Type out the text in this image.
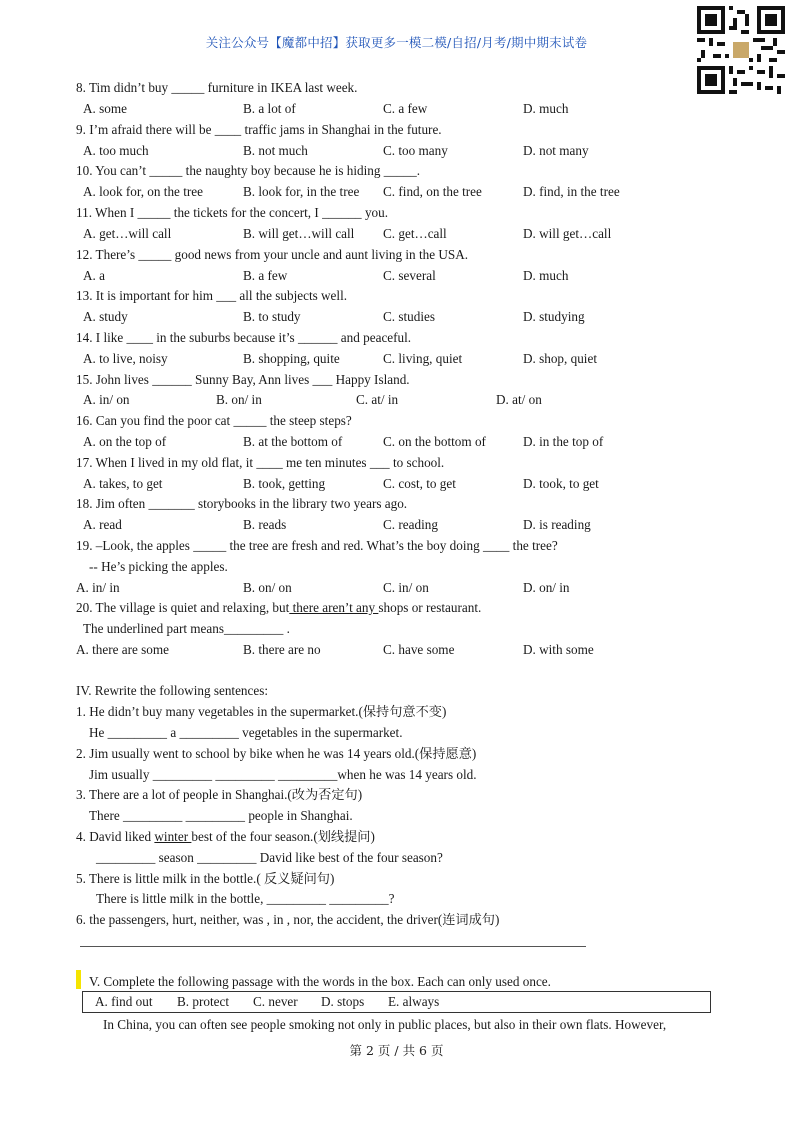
关注公众号【魔都中招】获取更多一模二模/自招/月考/期中期末试卷
8. Tim didn’t buy _____ furniture in IKEA last week.
A. some	B. a lot of	C. a few	D. much
9. I’m afraid there will be ____ traffic jams in Shanghai in the future.
A. too much	B. not much	C. too many	D. not many
10. You can’t _____ the naughty boy because he is hiding _____.
A. look for, on the tree	B. look for, in the tree C. find, on the tree	D. find, in the tree
11. When I _____ the tickets for the concert, I ______ you.
A. get…will call	B. will get…will call C. get…call	D. will get…call
12. There’s _____ good news from your uncle and aunt living in the USA.
A. a	B. a few	C. several	D. much
13. It is important for him ___ all the subjects well.
A. study	B. to study	C. studies	D. studying
14. I like ____ in the suburbs because it’s ______ and peaceful.
A. to live, noisy	B. shopping, quite	C. living, quiet	D. shop, quiet
15. John lives ______ Sunny Bay, Ann lives ___ Happy Island.
A. in/ on	B. on/ in	C. at/ in	D. at/ on
16. Can you find the poor cat _____ the steep steps?
A. on the top of	B. at the bottom of	C. on the bottom of	D. in the top of
17. When I lived in my old flat, it ____ me ten minutes ___ to school.
A. takes, to get	B. took, getting	C. cost, to get	D. took, to get
18. Jim often _______ storybooks in the library two years ago.
A. read	B. reads	C. reading	D. is reading
19. –Look, the apples _____ the tree are fresh and red. What’s the boy doing ____ the tree?
-- He’s picking the apples.
A. in/ in	B. on/ on	C. in/ on	D. on/ in
20. The village is quiet and relaxing, but there aren’t any shops or restaurant.
The underlined part means_________ .
A. there are some	B. there are no	C. have some	D. with some
IV. Rewrite the following sentences:
1. He didn’t buy many vegetables in the supermarket.(保持句意不变)
He _________ a _________ vegetables in the supermarket.
2. Jim usually went to school by bike when he was 14 years old.(保持愿意)
Jim usually _________ _________ _________when he was 14 years old.
3. There are a lot of people in Shanghai.(改为否定句)
There _________ _________ people in Shanghai.
4. David liked winter best of the four season.(划线提问)
_________ season _________ David like best of the four season?
5. There is little milk in the bottle.( 反义疑问句)
There is little milk in the bottle, _________ _________?
6. the passengers, hurt, neither, was , in , nor, the accident, the driver(连词成句)
V. Complete the following passage with the words in the box. Each can only used once.
A. find out B. protect C. never D. stops E. always
In China, you can often see people smoking not only in public places, but also in their own flats. However,
第 2 页 / 共 6 页
